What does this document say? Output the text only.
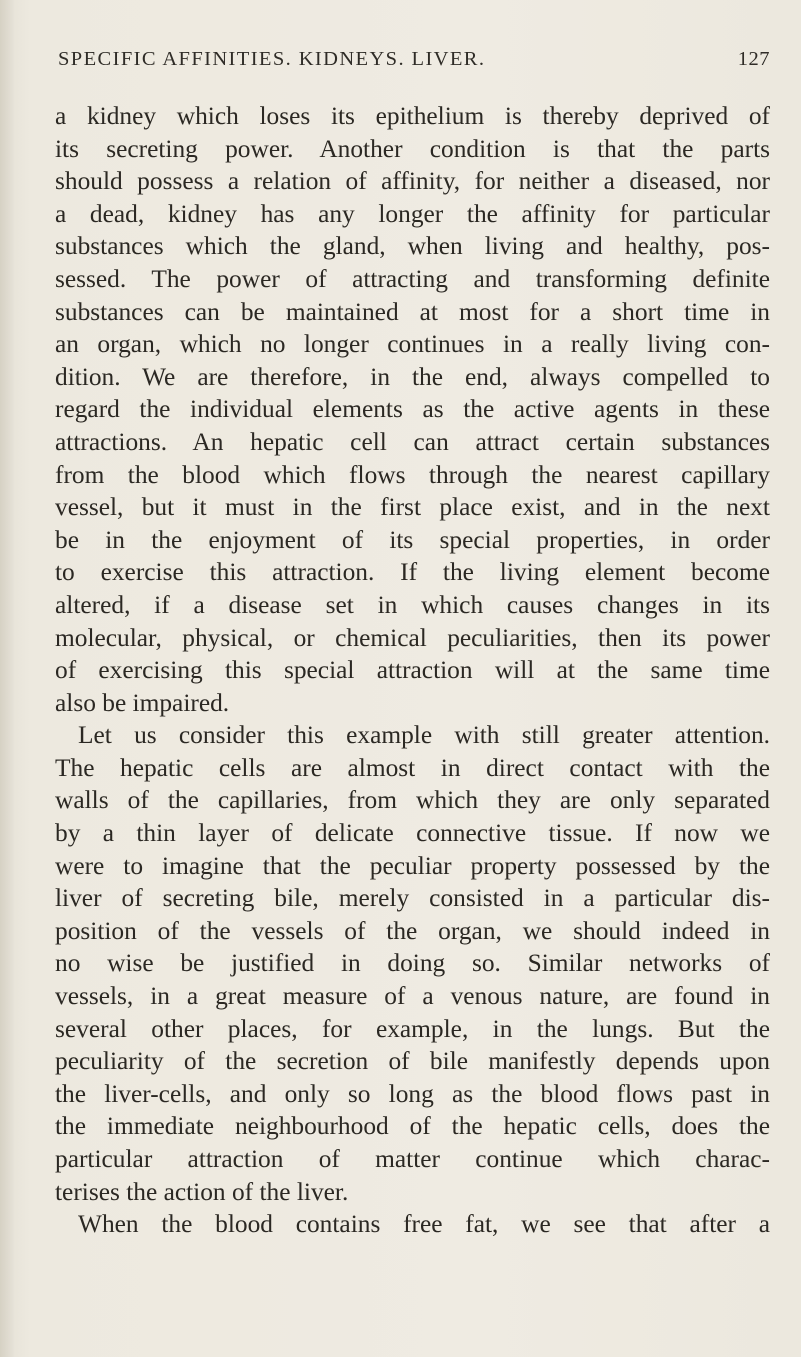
SPECIFIC AFFINITIES. KIDNEYS. LIVER.	127
a kidney which loses its epithelium is thereby deprived of
its secreting power. Another condition is that the parts
should possess a relation of affinity, for neither a diseased, nor
a dead, kidney has any longer the affinity for particular
substances which the gland, when living and healthy, pos-
sessed. The power of attracting and transforming definite
substances can be maintained at most for a short time in
an organ, which no longer continues in a really living con-
dition. We are therefore, in the end, always compelled to
regard the individual elements as the active agents in these
attractions. An hepatic cell can attract certain substances
from the blood which flows through the nearest capillary
vessel, but it must in the first place exist, and in the next
be in the enjoyment of its special properties, in order
to exercise this attraction. If the living element become
altered, if a disease set in which causes changes in its
molecular, physical, or chemical peculiarities, then its power
of exercising this special attraction will at the same time
also be impaired.
Let us consider this example with still greater attention.
The hepatic cells are almost in direct contact with the
walls of the capillaries, from which they are only separated
by a thin layer of delicate connective tissue. If now we
were to imagine that the peculiar property possessed by the
liver of secreting bile, merely consisted in a particular dis-
position of the vessels of the organ, we should indeed in
no wise be justified in doing so. Similar networks of
vessels, in a great measure of a venous nature, are found in
several other places, for example, in the lungs. But the
peculiarity of the secretion of bile manifestly depends upon
the liver-cells, and only so long as the blood flows past in
the immediate neighbourhood of the hepatic cells, does the
particular attraction of matter continue which charac-
terises the action of the liver.
When the blood contains free fat, we see that after a
